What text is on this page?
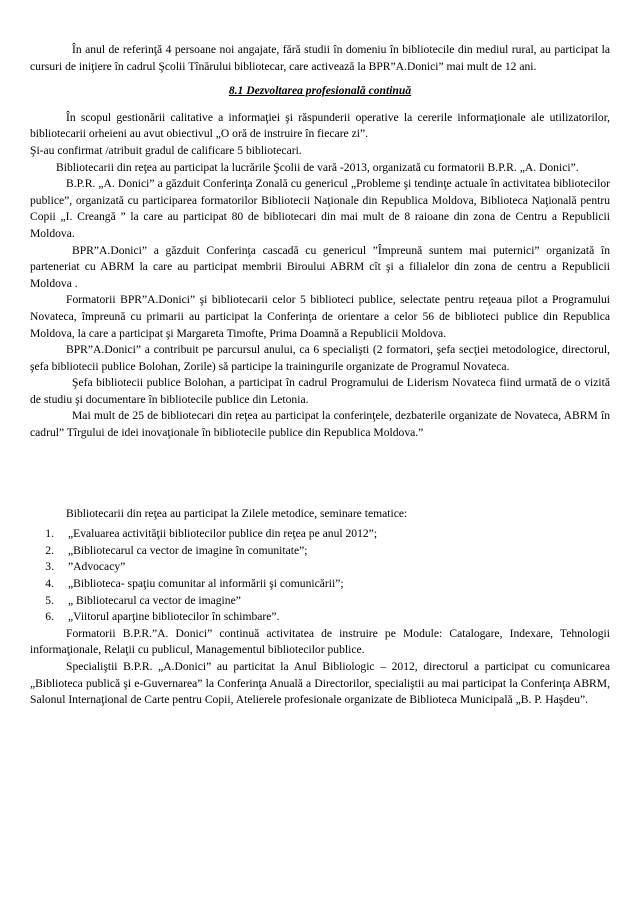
În anul de referinţă 4 persoane noi angajate, fără studii în domeniu în bibliotecile din mediul rural, au participat la cursuri de iniţiere în cadrul Şcolii Tînărului bibliotecar, care activează la BPR”A.Donici” mai mult de 12 ani.

8.1 Dezvoltarea profesională continuă

În scopul gestionării calitative a informaţiei şi răspunderii operative la cererile informaţionale ale utilizatorilor, bibliotecarii orheieni au avut obiectivul „O oră de instruire în fiecare zi”.

Şi-au confirmat /atribuit gradul de calificare 5 bibliotecari.

Bibliotecarii din reţea au participat la lucrările Şcolii de vară -2013, organizată cu formatorii B.P.R. „A. Donici”.

B.P.R. „A. Donici” a găzduit Conferinţa Zonală cu genericul „Probleme şi tendinţe actuale în activitatea bibliotecilor publice”, organizată cu participarea formatorilor Bibliotecii Naţionale din Republica Moldova, Biblioteca Naţională pentru Copii „I. Creangă ” la care au participat 80 de bibliotecari din mai mult de 8 raioane din zona de Centru a Republicii Moldova.

BPR”A.Donici” a găzduit Conferinţa cascadă cu genericul ”Împreună suntem mai puternici” organizată în parteneriat cu ABRM la care au participat membrii Biroului ABRM cît şi a filialelor din zona de centru a Republicii Moldova .

Formatorii BPR”A.Donici” şi bibliotecarii celor 5 biblioteci publice, selectate pentru reţeaua pilot a Programului Novateca, împreună cu primarii au participat la Conferinţa de orientare a celor 56 de biblioteci publice din Republica Moldova, la care a participat şi Margareta Timofte, Prima Doamnă a Republicii Moldova.

BPR”A.Donici” a contribuit pe parcursul anului, ca 6 specialişti (2 formatori, şefa secţiei metodologice, directorul, şefa bibliotecii publice Bolohan, Zorile) să participe la trainingurile organizate de Programul Novateca.

Şefa bibliotecii publice Bolohan, a participat în cadrul Programului de Liderism Novateca fiind urmată de o vizită de studiu şi documentare în bibliotecile publice din Letonia.

Mai mult de 25 de bibliotecari din reţea au participat la conferinţele, dezbaterile organizate de Novateca, ABRM în cadrul” Tîrgului de idei inovaţionale în bibliotecile publice din Republica Moldova.”

Bibliotecarii din reţea au participat la Zilele metodice, seminare tematice:

1. „Evaluarea activităţii bibliotecilor publice din reţea pe anul 2012”;
2. „Bibliotecarul ca vector de imagine în comunitate”;
3. ”Advocacy”
4. „Biblioteca- spaţiu comunitar al informării şi comunicării”;
5. „ Bibliotecarul ca vector de imagine”
6. „Viitorul aparţine bibliotecilor în schimbare”.

Formatorii B.P.R.”A. Donici” continuă activitatea de instruire pe Module: Catalogare, Indexare, Tehnologii informaţionale, Relaţii cu publicul, Managementul bibliotecilor publice.

Specialiştii B.P.R. „A.Donici” au particitat la Anul Bibliologic – 2012, directorul a participat cu comunicarea „Biblioteca publică şi e-Guvernarea” la Conferinţa Anuală a Directorilor, specialiştii au mai participat la Conferinţa ABRM, Salonul Internaţional de Carte pentru Copii, Atelierele profesionale organizate de Biblioteca Municipală „B. P. Haşdeu”.
